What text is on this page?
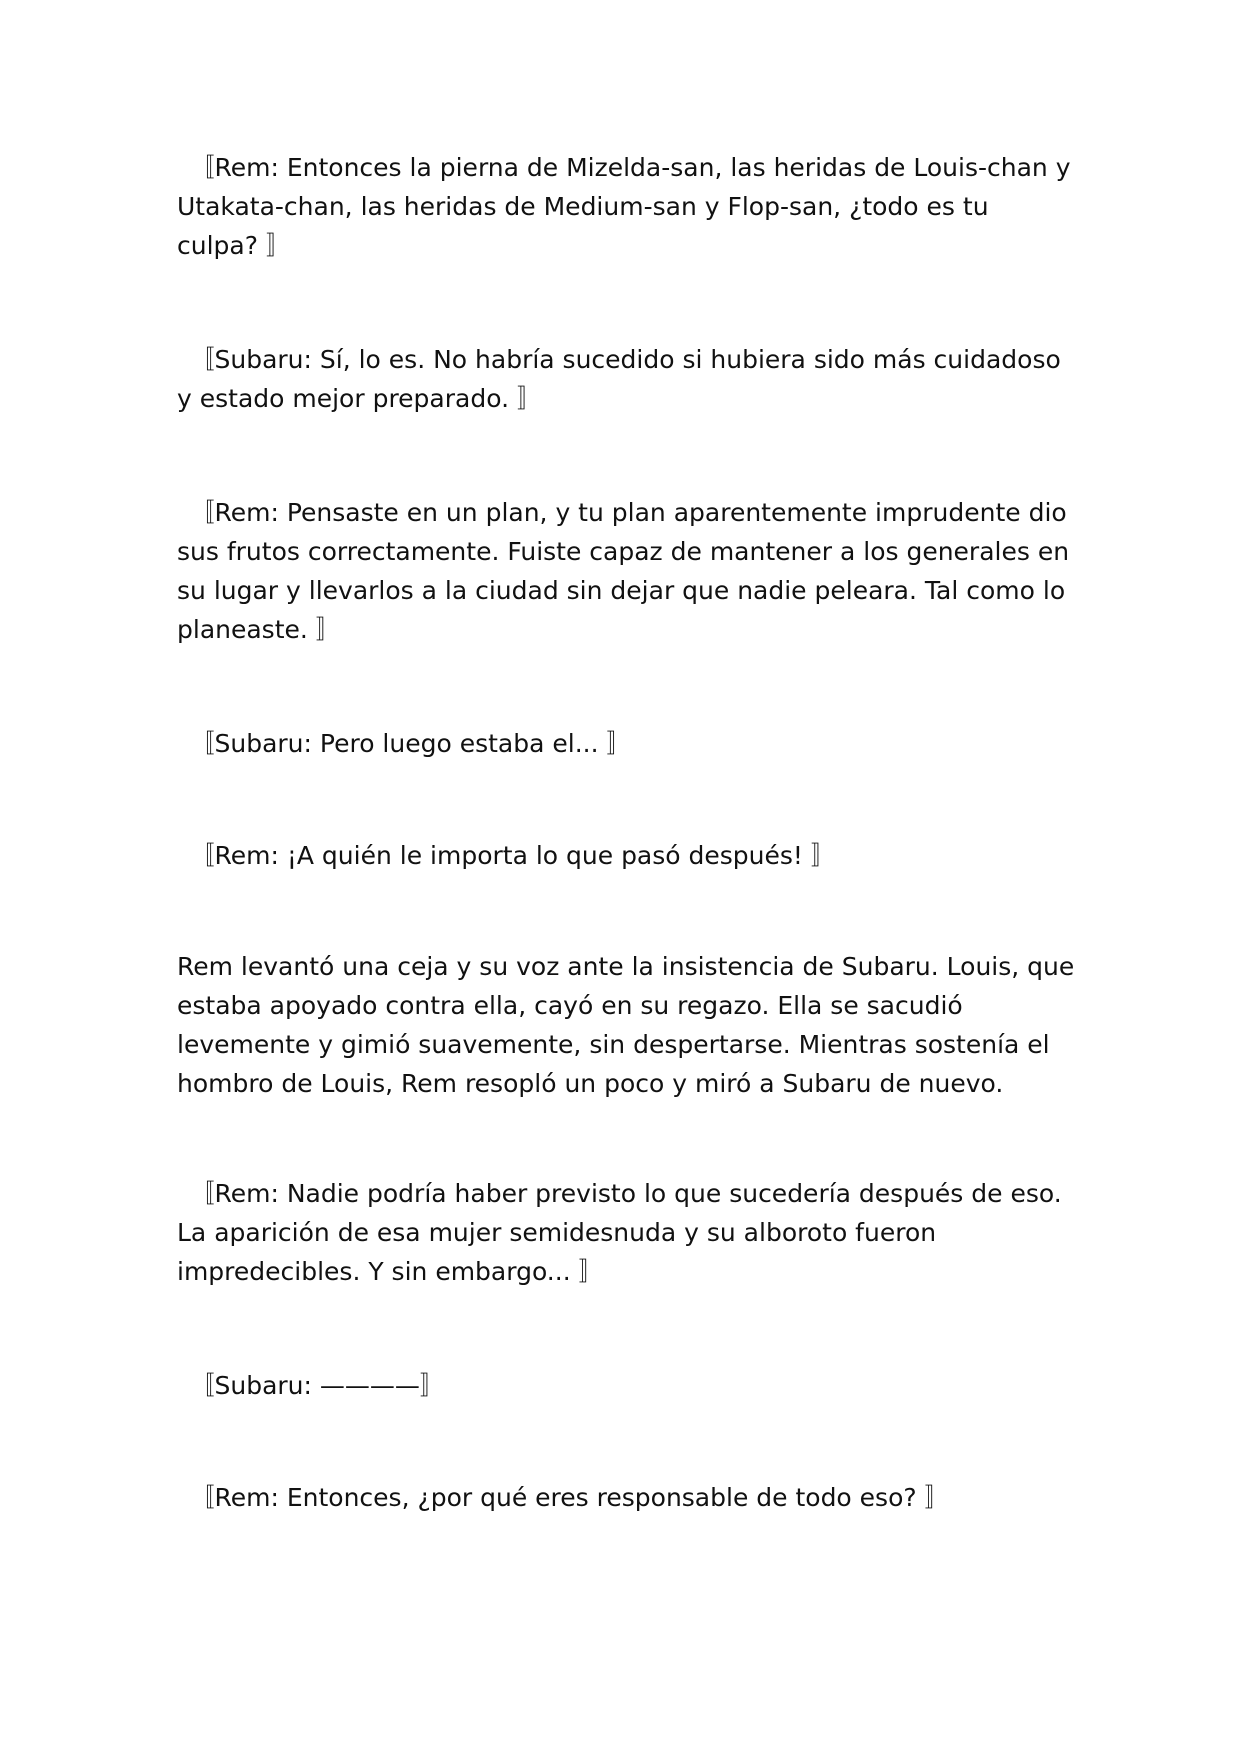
　〚Rem: Entonces la pierna de Mizelda-san, las heridas de Louis-chan y Utakata-chan, las heridas de Medium-san y Flop-san, ¿todo es tu culpa? 〛

　〚Subaru: Sí, lo es. No habría sucedido si hubiera sido más cuidadoso y estado mejor preparado. 〛

　〚Rem: Pensaste en un plan, y tu plan aparentemente imprudente dio sus frutos correctamente. Fuiste capaz de mantener a los generales en su lugar y llevarlos a la ciudad sin dejar que nadie peleara. Tal como lo planeaste. 〛

　〚Subaru: Pero luego estaba el... 〛

　〚Rem: ¡A quién le importa lo que pasó después! 〛

Rem levantó una ceja y su voz ante la insistencia de Subaru. Louis, que estaba apoyado contra ella, cayó en su regazo. Ella se sacudió levemente y gimió suavemente, sin despertarse. Mientras sostenía el hombro de Louis, Rem resopló un poco y miró a Subaru de nuevo.

　〚Rem: Nadie podría haber previsto lo que sucedería después de eso. La aparición de esa mujer semidesnuda y su alboroto fueron impredecibles. Y sin embargo... 〛

　〚Subaru: ————〛

　〚Rem: Entonces, ¿por qué eres responsable de todo eso? 〛
